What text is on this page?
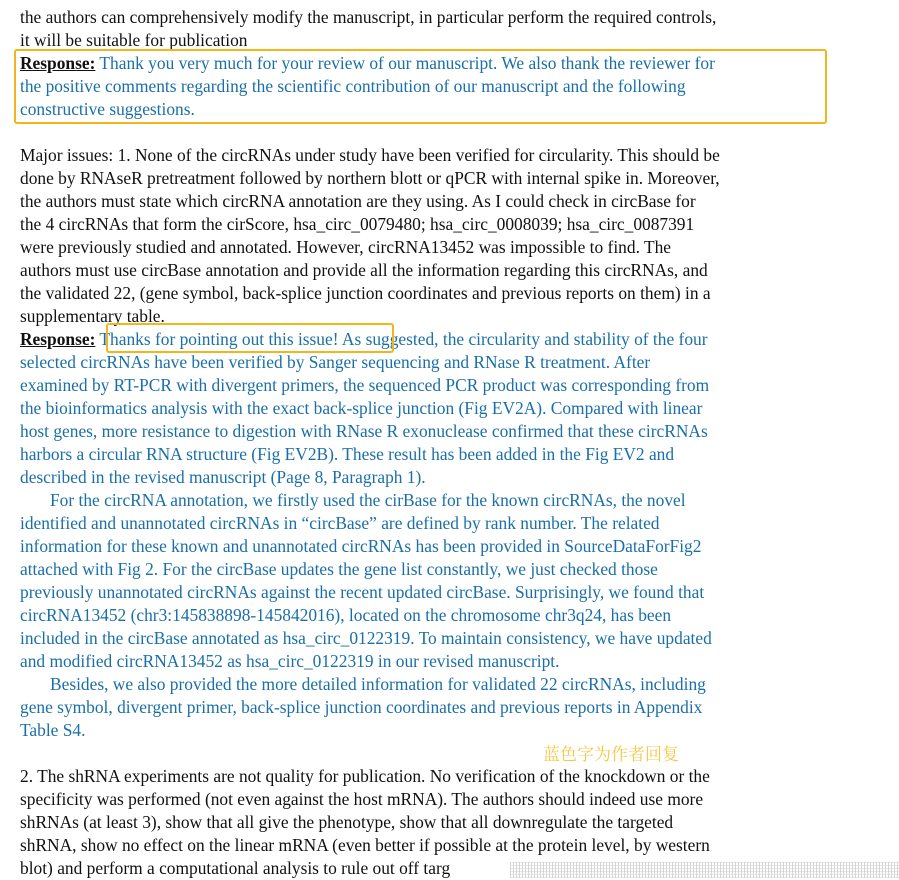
the authors can comprehensively modify the manuscript, in particular perform the required controls,
it will be suitable for publication
Response: Thank you very much for your review of our manuscript. We also thank the reviewer for
the positive comments regarding the scientific contribution of our manuscript and the following
constructive suggestions.
Major issues: 1. None of the circRNAs under study have been verified for circularity. This should be
done by RNAseR pretreatment followed by northern blott or qPCR with internal spike in. Moreover,
the authors must state which circRNA annotation are they using. As I could check in circBase for
the 4 circRNAs that form the cirScore, hsa_circ_0079480; hsa_circ_0008039; hsa_circ_0087391
were previously studied and annotated. However, circRNA13452 was impossible to find. The
authors must use circBase annotation and provide all the information regarding this circRNAs, and
the validated 22, (gene symbol, back-splice junction coordinates and previous reports on them) in a
supplementary table.
Response: Thanks for pointing out this issue! As suggested, the circularity and stability of the four
selected circRNAs have been verified by Sanger sequencing and RNase R treatment. After
examined by RT-PCR with divergent primers, the sequenced PCR product was corresponding from
the bioinformatics analysis with the exact back-splice junction (Fig EV2A). Compared with linear
host genes, more resistance to digestion with RNase R exonuclease confirmed that these circRNAs
harbors a circular RNA structure (Fig EV2B). These result has been added in the Fig EV2 and
described in the revised manuscript (Page 8, Paragraph 1).
For the circRNA annotation, we firstly used the cirBase for the known circRNAs, the novel
identified and unannotated circRNAs in “circBase” are defined by rank number. The related
information for these known and unannotated circRNAs has been provided in SourceDataForFig2
attached with Fig 2. For the circBase updates the gene list constantly, we just checked those
previously unannotated circRNAs against the recent updated circBase. Surprisingly, we found that
circRNA13452 (chr3:145838898-145842016), located on the chromosome chr3q24, has been
included in the circBase annotated as hsa_circ_0122319. To maintain consistency, we have updated
and modified circRNA13452 as hsa_circ_0122319 in our revised manuscript.
Besides, we also provided the more detailed information for validated 22 circRNAs, including
gene symbol, divergent primer, back-splice junction coordinates and previous reports in Appendix
Table S4.
2. The shRNA experiments are not quality for publication. No verification of the knockdown or the
specificity was performed (not even against the host mRNA). The authors should indeed use more
shRNAs (at least 3), show that all give the phenotype, show that all downregulate the targeted
shRNA, show no effect on the linear mRNA (even better if possible at the protein level, by western
blot) and perform a computational analysis to rule out off targ
蓝色字为作者回复
